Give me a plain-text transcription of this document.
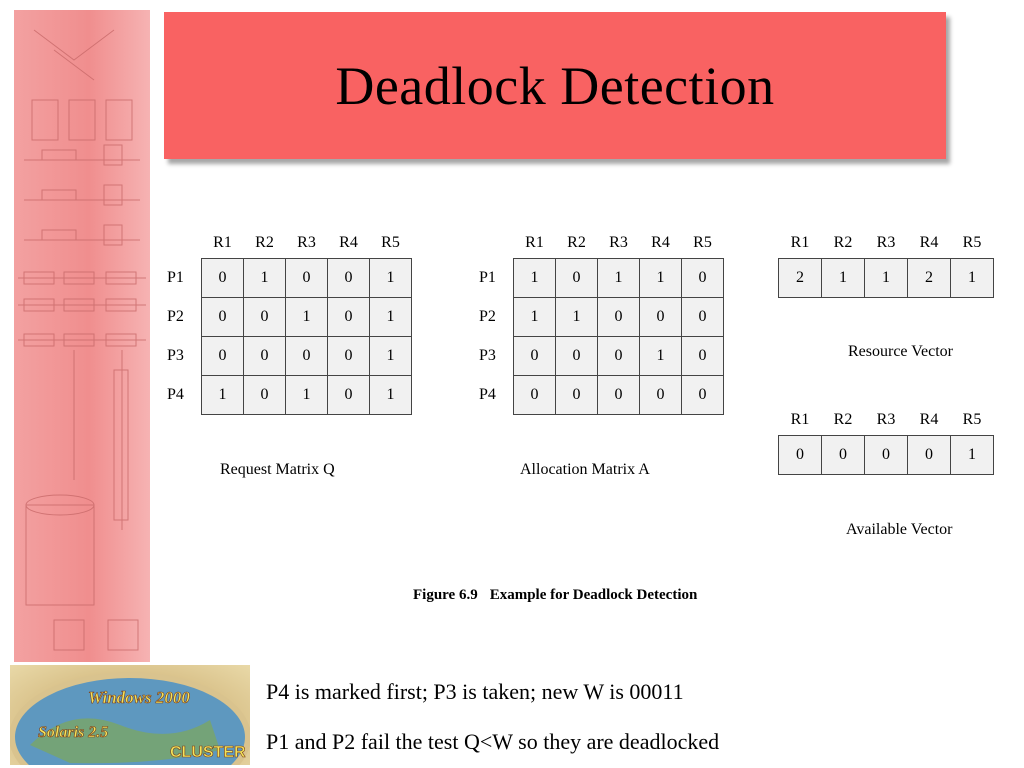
Deadlock Detection
	R1	R2	R3	R4	R5
P1	0	1	0	0	1
P2	0	0	1	0	1
P3	0	0	0	0	1
P4	1	0	1	0	1
Request Matrix Q
	R1	R2	R3	R4	R5
P1	1	0	1	1	0
P2	1	1	0	0	0
P3	0	0	0	1	0
P4	0	0	0	0	0
Allocation Matrix A
R1	R2	R3	R4	R5
2	1	1	2	1
Resource Vector
R1	R2	R3	R4	R5
0	0	0	0	1
Available Vector
Figure 6.9 Example for Deadlock Detection
Windows 2000
Solaris 2.5
CLUSTER
P4 is marked first; P3 is taken; new W is 00011
P1 and P2 fail the test Q<W so they are deadlocked
